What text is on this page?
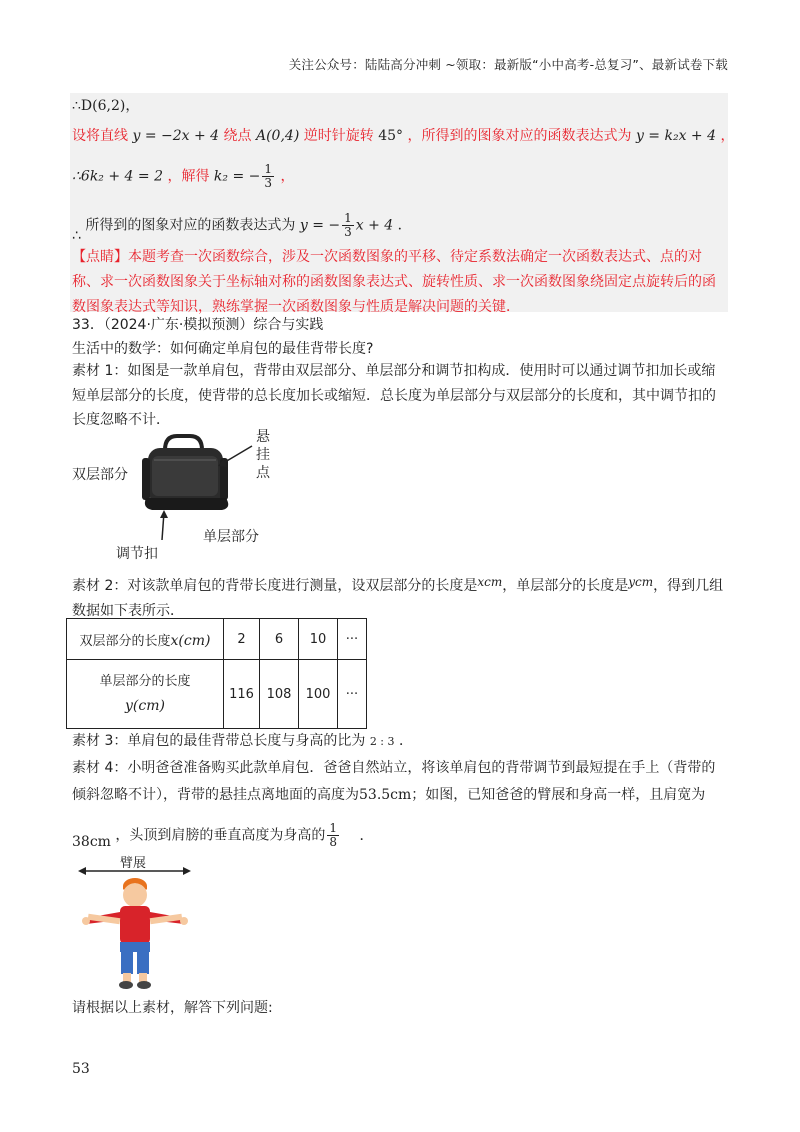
关注公众号：陆陆高分冲刺 ~领取：最新版“小中高考-总复习”、最新试卷下载
∴D(6,2)，
设将直线 y = −2x + 4 绕点 A(0,4) 逆时针旋转 45° ，所得到的图象对应的函数表达式为 y = k₂x + 4 ，
∴6k₂ + 4 = 2 ，解得 k₂ = − $\frac{1}{3}$ ，
∴ 所得到的图象对应的函数表达式为 y = − $\frac{1}{3}$ x + 4 ．
【点睛】本题考查一次函数综合，涉及一次函数图象的平移、待定系数法确定一次函数表达式、点的对称、求一次函数图象关于坐标轴对称的函数图象表达式、旋转性质、求一次函数图象绕固定点旋转后的函数图象表达式等知识，熟练掌握一次函数图象与性质是解决问题的关键．
33．（2024·广东·模拟预测）综合与实践
生活中的数学：如何确定单肩包的最佳背带长度?
素材 1：如图是一款单肩包，背带由双层部分、单层部分和调节扣构成．使用时可以通过调节扣加长或缩短单层部分的长度，使背带的总长度加长或缩短．总长度为单层部分与双层部分的长度和，其中调节扣的长度忽略不计．
双层部分
悬挂点
单层部分
调节扣
素材 2：对该款单肩包的背带长度进行测量，设双层部分的长度是xcm，单层部分的长度是ycm，得到几组数据如下表所示．
双层部分的长度x(cm)	2	6	10	···

单层部分的长度
y(cm)	116	108	100	···
素材 3：单肩包的最佳背带总长度与身高的比为 2 : 3 ．
素材 4：小明爸爸准备购买此款单肩包．爸爸自然站立，将该单肩包的背带调节到最短提在手上（背带的倾斜忽略不计），背带的悬挂点离地面的高度为53.5cm；如图，已知爸爸的臂展和身高一样，且肩宽为
38cm ，头顶到肩膀的垂直高度为身高的 $\frac{1}{8}$ ．
臂展
请根据以上素材，解答下列问题:
53
